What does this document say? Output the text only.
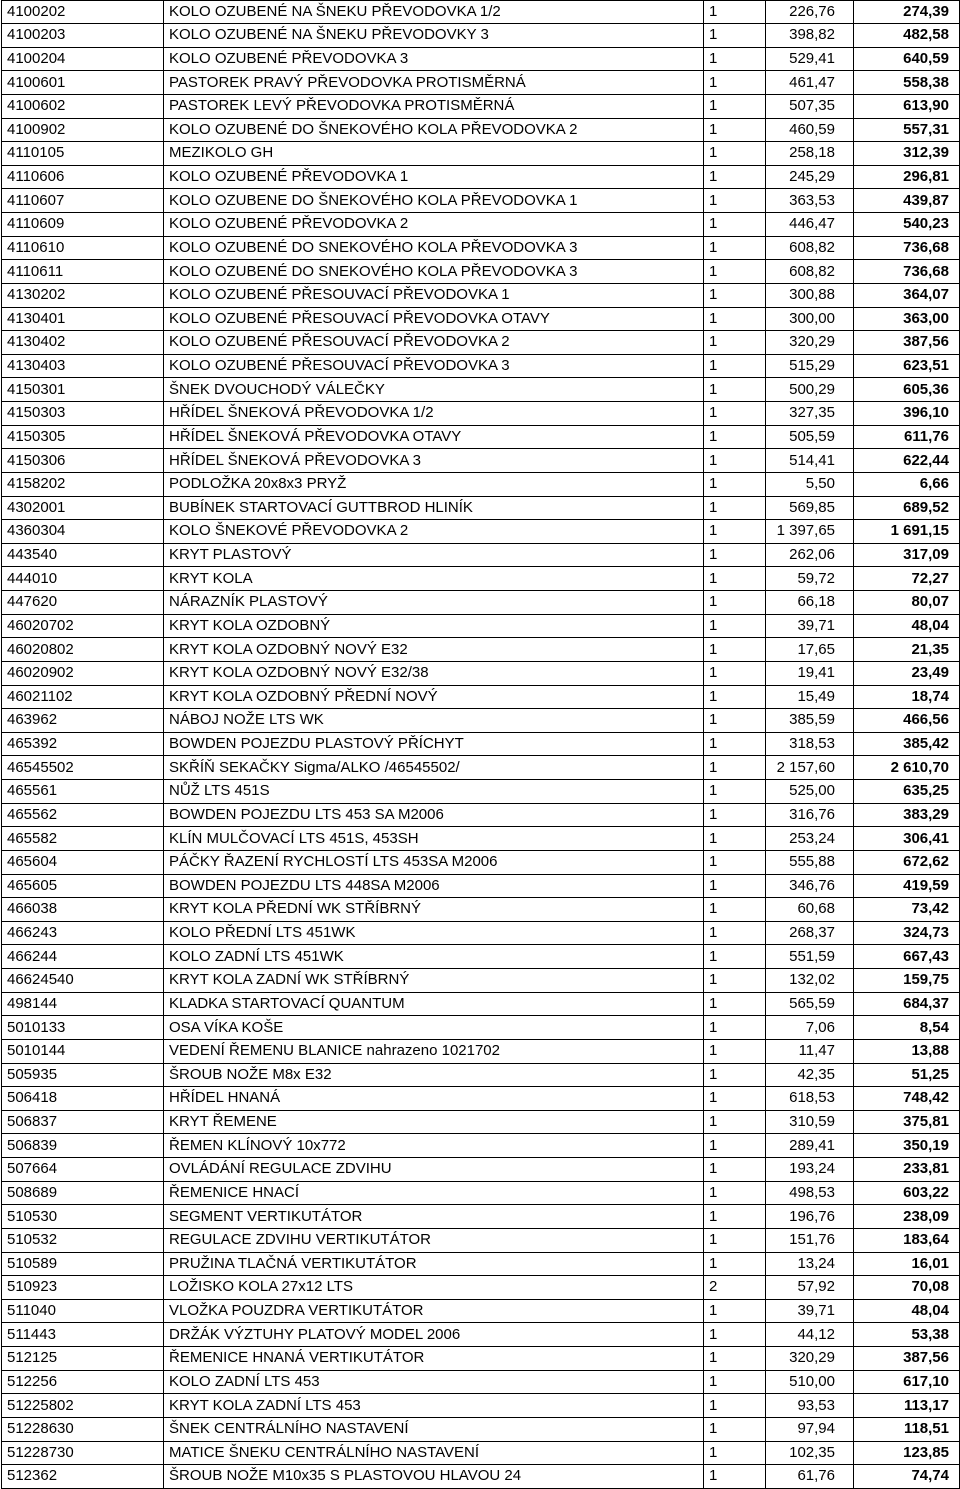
4100202	KOLO OZUBENÉ NA ŠNEKU PŘEVODOVKA 1/2	1	226,76	274,39
4100203	KOLO OZUBENÉ NA ŠNEKU PŘEVODOVKY 3	1	398,82	482,58
4100204	KOLO OZUBENÉ PŘEVODOVKA 3	1	529,41	640,59
4100601	PASTOREK PRAVÝ PŘEVODOVKA PROTISMĚRNÁ	1	461,47	558,38
4100602	PASTOREK LEVÝ PŘEVODOVKA PROTISMĚRNÁ	1	507,35	613,90
4100902	KOLO OZUBENÉ DO ŠNEKOVÉHO KOLA PŘEVODOVKA 2	1	460,59	557,31
4110105	MEZIKOLO GH	1	258,18	312,39
4110606	KOLO OZUBENÉ PŘEVODOVKA 1	1	245,29	296,81
4110607	KOLO OZUBENE DO ŠNEKOVÉHO KOLA PŘEVODOVKA 1	1	363,53	439,87
4110609	KOLO OZUBENÉ PŘEVODOVKA 2	1	446,47	540,23
4110610	KOLO OZUBENÉ DO SNEKOVÉHO KOLA PŘEVODOVKA 3	1	608,82	736,68
4110611	KOLO OZUBENÉ DO SNEKOVÉHO KOLA PŘEVODOVKA 3	1	608,82	736,68
4130202	KOLO OZUBENÉ PŘESOUVACÍ PŘEVODOVKA 1	1	300,88	364,07
4130401	KOLO OZUBENÉ PŘESOUVACÍ PŘEVODOVKA OTAVY	1	300,00	363,00
4130402	KOLO OZUBENÉ PŘESOUVACÍ PŘEVODOVKA 2	1	320,29	387,56
4130403	KOLO OZUBENÉ PŘESOUVACÍ PŘEVODOVKA 3	1	515,29	623,51
4150301	ŠNEK DVOUCHODÝ VÁLEČKY	1	500,29	605,36
4150303	HŘÍDEL ŠNEKOVÁ PŘEVODOVKA 1/2	1	327,35	396,10
4150305	HŘÍDEL ŠNEKOVÁ PŘEVODOVKA OTAVY	1	505,59	611,76
4150306	HŘÍDEL ŠNEKOVÁ PŘEVODOVKA 3	1	514,41	622,44
4158202	PODLOŽKA 20x8x3 PRYŽ	1	5,50	6,66
4302001	BUBÍNEK STARTOVACÍ GUTTBROD HLINÍK	1	569,85	689,52
4360304	KOLO ŠNEKOVÉ PŘEVODOVKA 2	1	1 397,65	1 691,15
443540	KRYT PLASTOVÝ	1	262,06	317,09
444010	KRYT KOLA	1	59,72	72,27
447620	NÁRAZNÍK PLASTOVÝ	1	66,18	80,07
46020702	KRYT KOLA OZDOBNÝ	1	39,71	48,04
46020802	KRYT KOLA OZDOBNÝ NOVÝ E32	1	17,65	21,35
46020902	KRYT KOLA OZDOBNÝ NOVÝ E32/38	1	19,41	23,49
46021102	KRYT KOLA OZDOBNÝ PŘEDNÍ NOVÝ	1	15,49	18,74
463962	NÁBOJ NOŽE LTS WK	1	385,59	466,56
465392	BOWDEN POJEZDU PLASTOVÝ PŘÍCHYT	1	318,53	385,42
46545502	SKŘÍŇ SEKAČKY Sigma/ALKO /46545502/	1	2 157,60	2 610,70
465561	NŮŽ LTS 451S	1	525,00	635,25
465562	BOWDEN POJEZDU LTS 453 SA M2006	1	316,76	383,29
465582	KLÍN MULČOVACÍ LTS 451S, 453SH	1	253,24	306,41
465604	PÁČKY ŘAZENÍ RYCHLOSTÍ LTS 453SA M2006	1	555,88	672,62
465605	BOWDEN POJEZDU LTS 448SA M2006	1	346,76	419,59
466038	KRYT KOLA PŘEDNÍ WK STŘÍBRNÝ	1	60,68	73,42
466243	KOLO PŘEDNÍ LTS 451WK	1	268,37	324,73
466244	KOLO ZADNÍ LTS 451WK	1	551,59	667,43
46624540	KRYT KOLA ZADNÍ WK STŘÍBRNÝ	1	132,02	159,75
498144	KLADKA STARTOVACÍ QUANTUM	1	565,59	684,37
5010133	OSA VÍKA KOŠE	1	7,06	8,54
5010144	VEDENÍ ŘEMENU BLANICE nahrazeno 1021702	1	11,47	13,88
505935	ŠROUB NOŽE M8x E32	1	42,35	51,25
506418	HŘÍDEL HNANÁ	1	618,53	748,42
506837	KRYT ŘEMENE	1	310,59	375,81
506839	ŘEMEN KLÍNOVÝ 10x772	1	289,41	350,19
507664	OVLÁDÁNÍ REGULACE ZDVIHU	1	193,24	233,81
508689	ŘEMENICE HNACÍ	1	498,53	603,22
510530	SEGMENT VERTIKUTÁTOR	1	196,76	238,09
510532	REGULACE ZDVIHU VERTIKUTÁTOR	1	151,76	183,64
510589	PRUŽINA TLAČNÁ VERTIKUTÁTOR	1	13,24	16,01
510923	LOŽISKO KOLA 27x12 LTS	2	57,92	70,08
511040	VLOŽKA POUZDRA VERTIKUTÁTOR	1	39,71	48,04
511443	DRŽÁK VÝZTUHY PLATOVÝ MODEL 2006	1	44,12	53,38
512125	ŘEMENICE HNANÁ VERTIKUTÁTOR	1	320,29	387,56
512256	KOLO ZADNÍ LTS 453	1	510,00	617,10
51225802	KRYT KOLA ZADNÍ LTS 453	1	93,53	113,17
51228630	ŠNEK CENTRÁLNÍHO NASTAVENÍ	1	97,94	118,51
51228730	MATICE ŠNEKU CENTRÁLNÍHO NASTAVENÍ	1	102,35	123,85
512362	ŠROUB NOŽE M10x35 S PLASTOVOU HLAVOU 24	1	61,76	74,74
